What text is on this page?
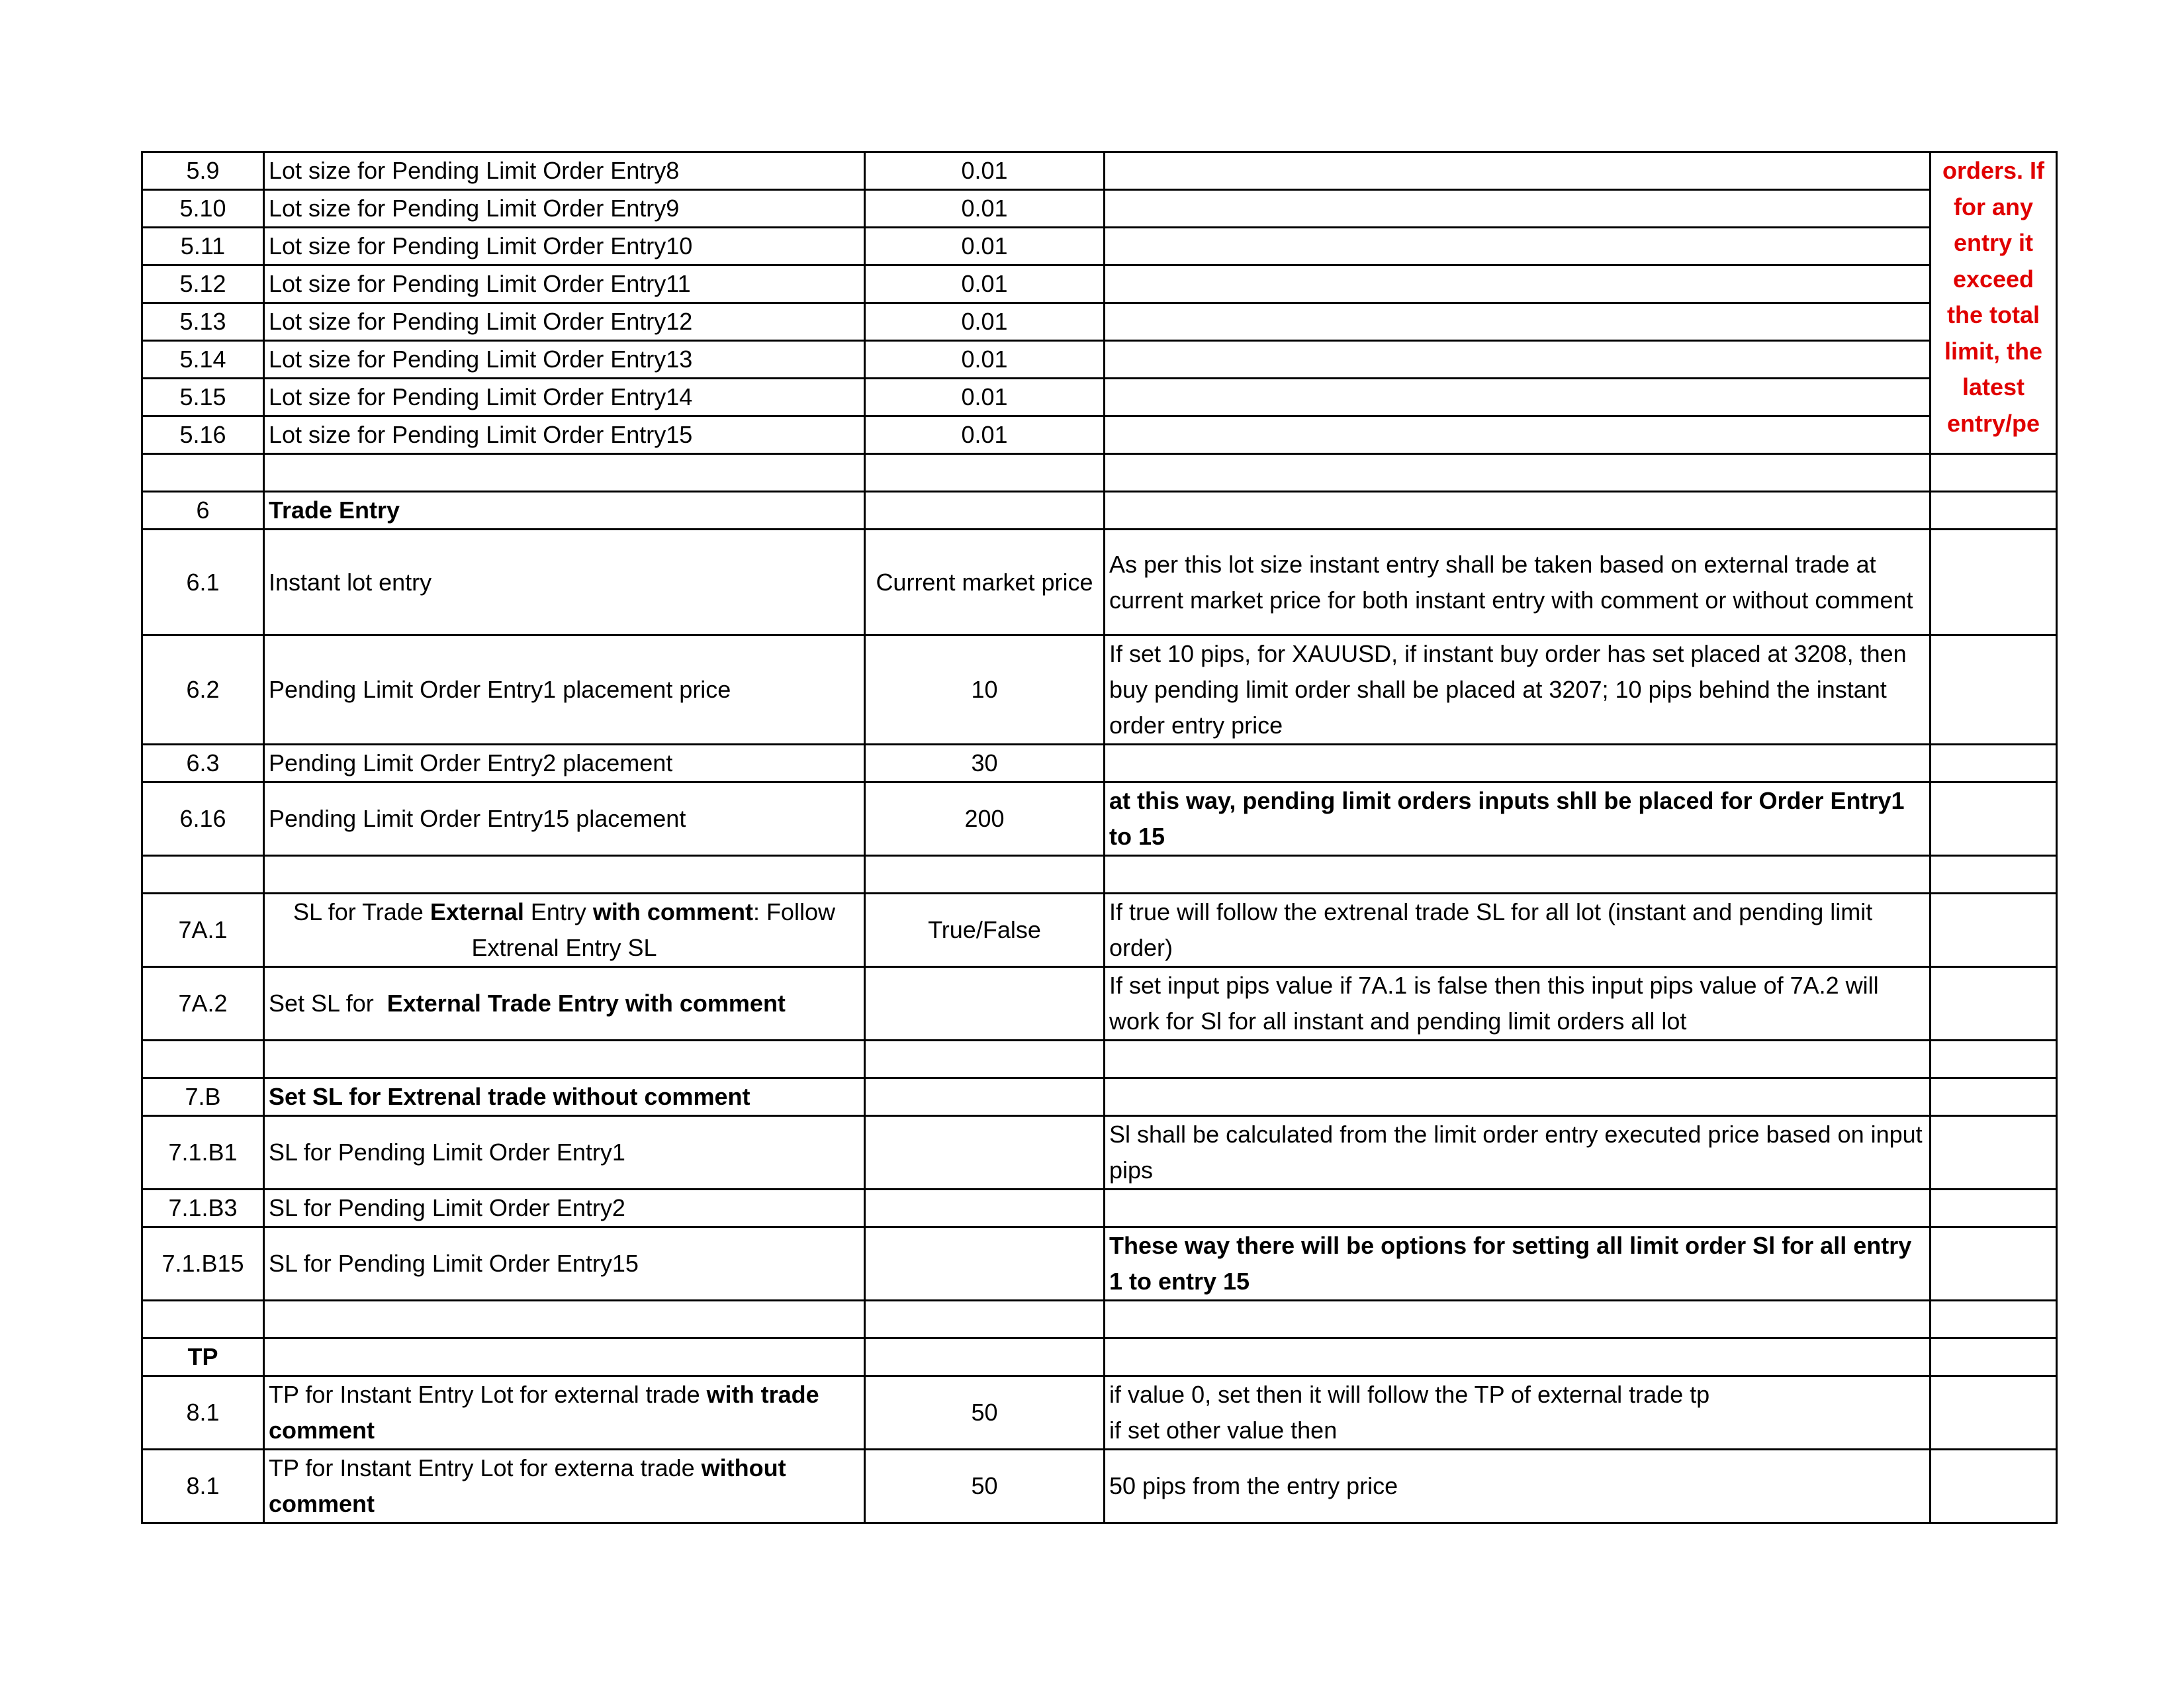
5.9	Lot size for Pending Limit Order Entry8	0.01		orders. If for any entry it exceed the total limit, the latest entry/pe
5.10	Lot size for Pending Limit Order Entry9	0.01		
5.11	Lot size for Pending Limit Order Entry10	0.01		
5.12	Lot size for Pending Limit Order Entry11	0.01		
5.13	Lot size for Pending Limit Order Entry12	0.01		
5.14	Lot size for Pending Limit Order Entry13	0.01		
5.15	Lot size for Pending Limit Order Entry14	0.01		
5.16	Lot size for Pending Limit Order Entry15	0.01		

6	Trade Entry			
6.1	Instant lot entry	Current market price	As per this lot size instant entry shall be taken based on external trade at current market price for both instant entry with comment or without comment	
6.2	Pending Limit Order Entry1 placement price	10	If set 10 pips, for XAUUSD, if instant buy order has set placed at 3208, then buy pending limit order shall be placed at 3207; 10 pips behind the instant order entry price	
6.3	Pending Limit Order Entry2 placement	30		
6.16	Pending Limit Order Entry15 placement	200	at this way, pending limit orders inputs shll be placed for Order Entry1 to 15	

7A.1	SL for Trade External Entry with comment: Follow Extrenal Entry SL	True/False	If true will follow the extrenal trade SL for all lot (instant and pending limit order)	
7A.2	Set SL for  External Trade Entry with comment		If set input pips value if 7A.1 is false then this input pips value of 7A.2 will work for Sl for all instant and pending limit orders all lot	

7.B	Set SL for Extrenal trade without comment			
7.1.B1	SL for Pending Limit Order Entry1		Sl shall be calculated from the limit order entry executed price based on input pips	
7.1.B3	SL for Pending Limit Order Entry2			
7.1.B15	SL for Pending Limit Order Entry15		These way there will be options for setting all limit order Sl for all entry 1 to entry 15	

TP				
8.1	TP for Instant Entry Lot for external trade with trade comment	50	if value 0, set then it will follow the TP of external trade tp
if set other value then	

8.1	TP for Instant Entry Lot for externa trade without comment	50	50 pips from the entry price	
